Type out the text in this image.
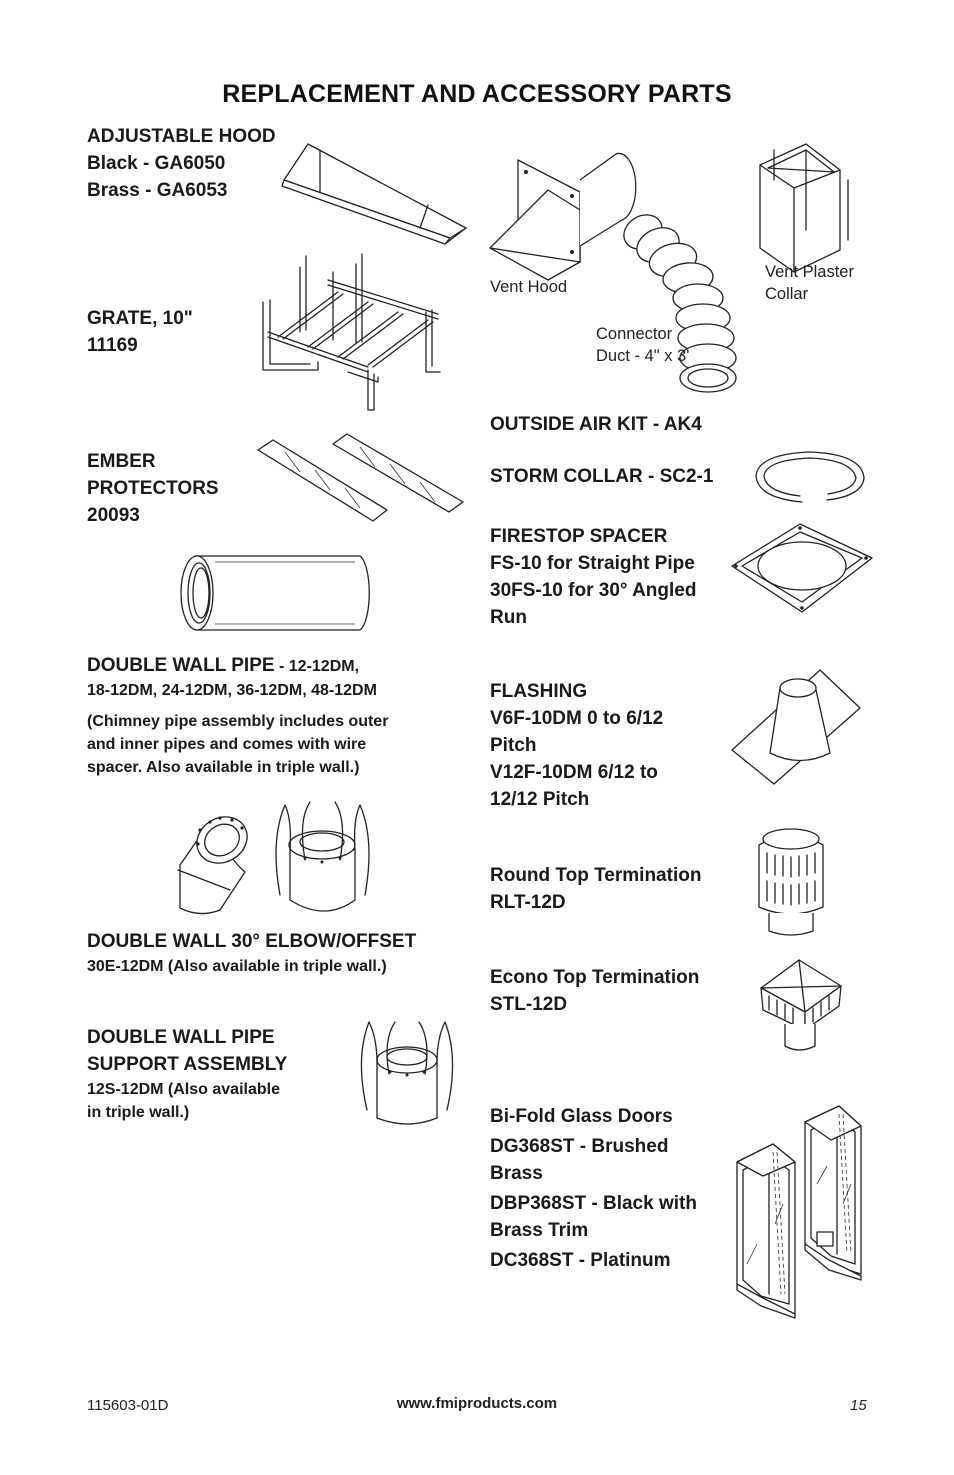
REPLACEMENT AND ACCESSORY PARTS
ADJUSTABLE HOOD
Black - GA6050
Brass - GA6053
GRATE, 10"
11169
EMBER
PROTECTORS
20093
DOUBLE WALL PIPE - 12-12DM,
18-12DM, 24-12DM, 36-12DM, 48-12DM
(Chimney pipe assembly includes outer
and inner pipes and comes with wire
spacer. Also available in triple wall.)
DOUBLE WALL 30° ELBOW/OFFSET
30E-12DM (Also available in triple wall.)
DOUBLE WALL PIPE
SUPPORT ASSEMBLY
12S-12DM (Also available
in triple wall.)
Vent Hood
Vent Plaster
Collar
Connector
Duct - 4" x 3'
OUTSIDE AIR KIT - AK4
STORM COLLAR - SC2-1
FIRESTOP SPACER
FS-10 for Straight Pipe
30FS-10 for 30° Angled
Run
FLASHING
V6F-10DM 0 to 6/12
Pitch
V12F-10DM 6/12 to
12/12 Pitch
Round Top Termination
RLT-12D
Econo Top Termination
STL-12D
Bi-Fold Glass Doors
DG368ST - Brushed
Brass
DBP368ST - Black with
Brass Trim
DC368ST - Platinum
115603-01D	www.fmiproducts.com	15
